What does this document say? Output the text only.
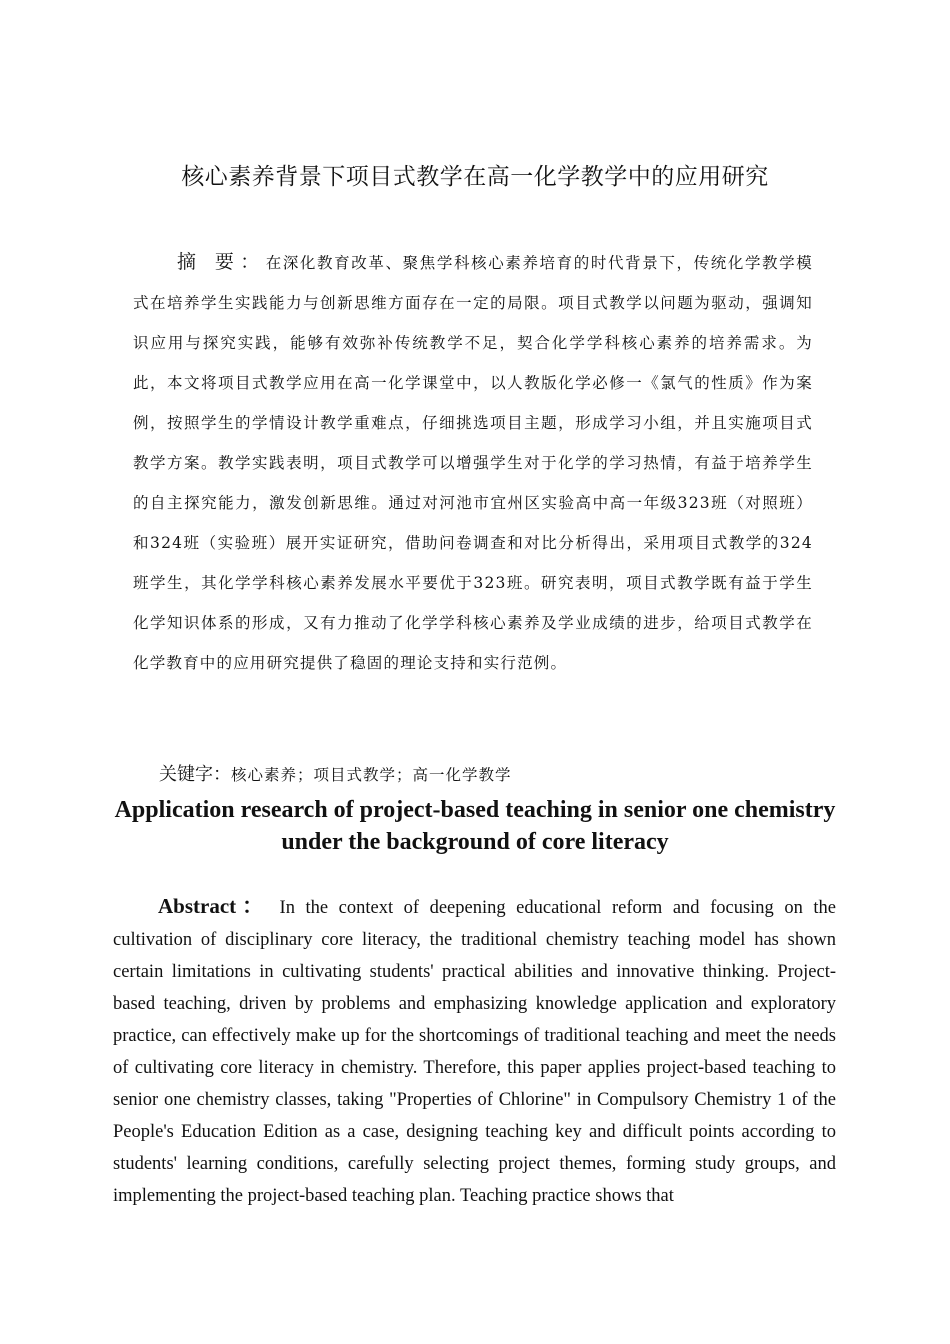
核心素养背景下项目式教学在高一化学教学中的应用研究
摘 要：在深化教育改革、聚焦学科核心素养培育的时代背景下，传统化学教学模式在培养学生实践能力与创新思维方面存在一定的局限。项目式教学以问题为驱动，强调知识应用与探究实践，能够有效弥补传统教学不足，契合化学学科核心素养的培养需求。为此，本文将项目式教学应用在高一化学课堂中，以人教版化学必修一《氯气的性质》作为案例，按照学生的学情设计教学重难点，仔细挑选项目主题，形成学习小组，并且实施项目式教学方案。教学实践表明，项目式教学可以增强学生对于化学的学习热情，有益于培养学生的自主探究能力，激发创新思维。通过对河池市宜州区实验高中高一年级323班（对照班）和324班（实验班）展开实证研究，借助问卷调查和对比分析得出，采用项目式教学的324班学生，其化学学科核心素养发展水平要优于323班。研究表明，项目式教学既有益于学生化学知识体系的形成，又有力推动了化学学科核心素养及学业成绩的进步，给项目式教学在化学教育中的应用研究提供了稳固的理论支持和实行范例。
关键字：核心素养；项目式教学；高一化学教学
Application research of project-based teaching in senior one chemistry under the background of core literacy
Abstract： In the context of deepening educational reform and focusing on the cultivation of disciplinary core literacy, the traditional chemistry teaching model has shown certain limitations in cultivating students' practical abilities and innovative thinking. Project-based teaching, driven by problems and emphasizing knowledge application and exploratory practice, can effectively make up for the shortcomings of traditional teaching and meet the needs of cultivating core literacy in chemistry. Therefore, this paper applies project-based teaching to senior one chemistry classes, taking "Properties of Chlorine" in Compulsory Chemistry 1 of the People's Education Edition as a case, designing teaching key and difficult points according to students' learning conditions, carefully selecting project themes, forming study groups, and implementing the project-based teaching plan. Teaching practice shows that
